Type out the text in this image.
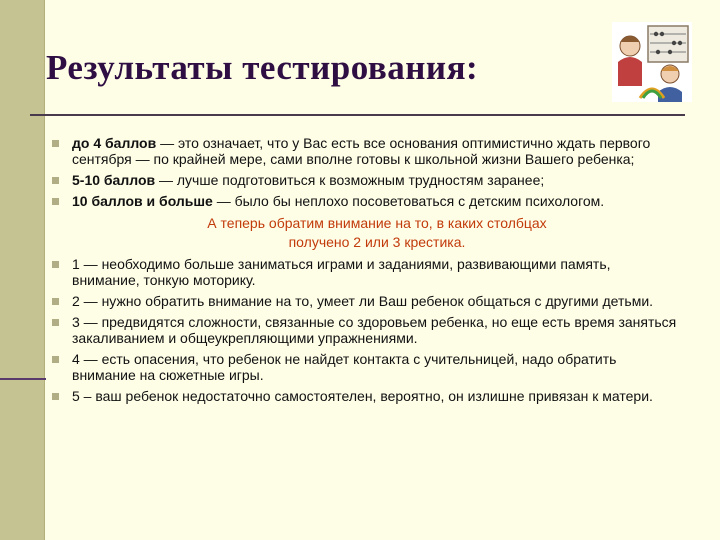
Результаты тестирования:
до 4 баллов — это означает, что у Вас есть все основания оптимистично ждать первого сентября — по крайней мере, сами вполне готовы к школьной жизни Вашего ребенка;
5-10 баллов — лучше подготовиться к возможным трудностям заранее;
10 баллов и больше — было бы неплохо посоветоваться с детским психологом.
А теперь обратим внимание на то, в каких столбцах
получено 2 или 3 крестика.
1 — необходимо больше заниматься играми и заданиями, развивающими память, внимание, тонкую моторику.
2 — нужно обратить внимание на то, умеет ли Ваш ребенок общаться с другими детьми.
3 — предвидятся сложности, связанные со здоровьем ребенка, но еще есть время заняться закаливанием и общеукрепляющими упражнениями.
4 — есть опасения, что ребенок не найдет контакта с учительницей, надо обратить внимание на сюжетные игры.
5 – ваш ребенок недостаточно самостоятелен, вероятно, он излишне привязан к матери.
